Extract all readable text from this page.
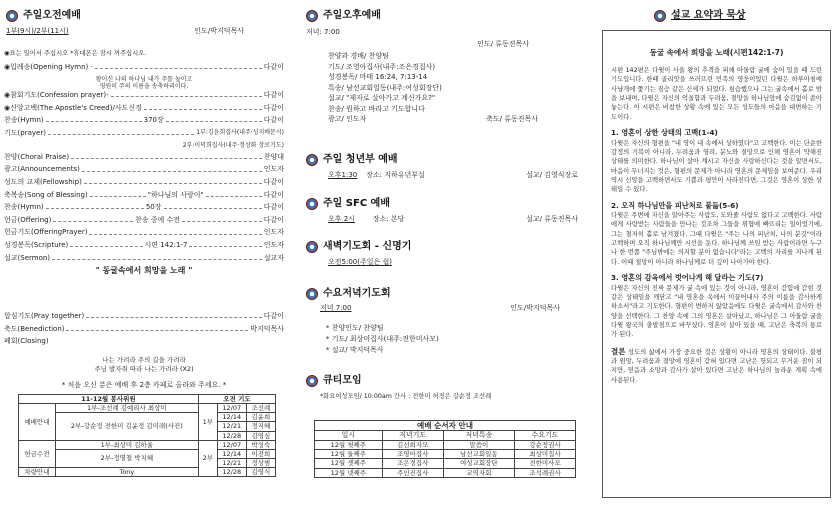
주일오전예배
1부(9시)/2부(11시)	인도/박지덕목사
◉표는 일어서 주십시오 *휴대폰은 잠시 꺼주십시오.
◉입례송(Opening Hymn) ·	다같이
왕이신 나의 하나님 내가 주를 높이고
영원히 주의 이름을 송축하리이다.
◉참회기도(Confession prayer)-	다같이
◉신앙고백(The Apostle's Creed)/사도신경	다같이
찬송(Hymn)	370장	다같이
기도(prayer)	1부:김윤희집사(내주·성지배문시)
2부:이덕희집사(내주·정상화 장로기도)
찬양(Choral Praise)	찬양대
광고(Announcements)	인도자
성도의 교제(Fellowship)	다같이
축복송(Song of Blessing)	"하나님의 사랑이"	다같이
찬송(Hymn)	50장	다같이
헌금(Offering)	찬송 중에 수전	다같이
헌금기도(OfferingPrayer)	인도자
성경봉독(Scripture)	시편 142:1-7	인도자
설교(Sermon)	설교자
" 동굴속에서 희망을 노래 "
합심기도(Pray together)	다같이
축도(Benediction)	박지덕목사
폐회(Closing)
나는 가려라 주의 길을 가려라
주님 발자취 따라 나는 가려라 (X2)
* 처음 오신 분은 예배 후 2층 카페로 올라와 주세요. *
11-12월 봉사위원		오전 기도		
예배안내	1부-조선례 김예리사 최상미	1부	12/07	조선례
	2부-강순정 전한미 김윤정 김미래(사진)		12/14	김윤희
			12/21	정지혜
			12/28	김영심
헌금수전	1부-최상미 김하율	2부	12/07	박성숙
	2부-정명철 박지혜		12/14	이전희
			12/21	정상범
차량안내	Tony		12/28	김영식
주일오후예배
저녁: 7:00
인도/ 류동진목사
찬양과 경배/ 찬양팀
기도/ 조영아집사(내주:조은경집사)
성경봉독/ 마태 16:24, 7:13-14
특송/ 남선교회일동(내주:여성회장단)
설교/ "제자로 살아가고 계신가요?"
찬송/ 원하고 바라고 기도합니다
광고/ 인도자	축도/ 류동진목사
주일 청년부 예배
오후1:30 장소: 지하유년부실	설교/ 김영식장로
주일 SFC 예배
오후 2시	장소: 본당	설교/ 류동진목사
새벽기도회 - 신명기
오전5:00(주일은 쉼)
수요저녁기도회
저녁 7:00	인도/박지덕목사
* 찬양인도/ 찬양팀
* 기도/ 최상미집사(내주:전한미사모)
* 설교/ 박지덕목사
큐티모임
*화요여성모임/ 10:00am 간사 : 전한미 허정은 강순정 조선례
예배 순서자 안내			
일시	저녁기도	저녁특송	수요기도
12월 첫째주	김선희자모	말씀이	강순정권사
12월 둘째주	조영아집사	남선교회일동	최상미집사
12월 셋째주	조은경집사	여성교회장단	전한미사모
12월 넷째주	주인진집사	교역자회	조석례권사
설교 요약과 묵상
동굴 속에서 희망을 노래(시편142:1-7)

시편 142편은 다윗이 사울 왕의 추격을 피해 아둘람 굴에 숨어 있을 때 드린 기도입니다. 한때 골리앗을 쓰러뜨린 민족의 영웅이었던 다윗은 하루아침에 사냥개에 쫓기는 짐승 같은 신세가 되었다. 침습했으나 그는 굴속에서 홀로 밤을 보내며, 다윗은 자신의 억울함과 두려움, 절망을 하나님앞에 숨김없이 쏟아놓는다. 이 시편은 비참한 상황 속에 있는 모든 성도들의 마음을 대변하는 기도이다.

1. 영혼이 상한 상태의 고백(1-4)

다윗은 자신의 형편을 "내 영이 내 속에서 상하였다"고 고백한다. 이는 단순한 감정의 기복이 아니라, 두려움과 염려, 분노와 절망으로 인해 영혼이 약해진 상태를 의미한다. 하나님이 살아 계시고 자신을 사랑하신다는 것을 알면서도, 마음이 무너지는 것은, 형편의 문제가 아니라 영혼의 문제임을 보여준다. 우리 역시 신앙을 고백하면서도 기쁨과 평안이 사라진다면, 그것은 영혼이 상한 상태일 수 있다.

2. 오직 하나님만을 피난처로 붙듦(5-6)

다윗은 주변에 자신을 알아주는 사람도, 도와줄 사람도 없다고 고백한다. 사람에게 사랑받는 사람들을 만나는 것조차 그들을 위협에 빠뜨리는 일이었기에, 그는 철저히 홀로 남겨졌다. 그때 다윗은 "주는 나의 피난처, 나의 분깃"이라 고백하며 오직 하나님께만 시선을 둔다. 하나님께 쓰임 받는 사람이라면 누구나 한 번쯤 "주님밖에는 의지할 분이 없습니다"라는 고백의 자리를 지나게 된다. 이때 절망이 아니라 하나님께로 더 깊이 나아가야 한다.

3. 영혼의 감옥에서 벗어나게 해 달라는 기도(7)

다윗은 자신의 진짜 문제가 굴 속에 있는 것이 아니라, 영혼이 갇힘에 갇힌 것 같은 상태임을 깨닫고 "내 영혼을 옥에서 이끌어내사 주의 이름을 감사하게 하소서"라고 기도한다. 형편이 변하지 않았음에도 다윗은 굴속에서 감사와 찬양을 선택한다. 그 찬양 속에 그의 영혼은 살아났고, 하나님은 그 아둘람 굴을 다윗 왕국의 출발점으로 바꾸셨다. 영혼이 살아 있을 때, 고난은 축복의 통로가 된다.

결론 성도의 삶에서 가장 중요한 것은 상황이 아니라 영혼의 상태이다. 불평과 원망, 두려움과 절망에 영혼이 갇혀 있다면 고난은 헛되고 무거운 짐이 되지만, 믿음과 소망과 감사가 살아 있다면 고난은 하나님의 놀라운 계획 속에 사용된다.
